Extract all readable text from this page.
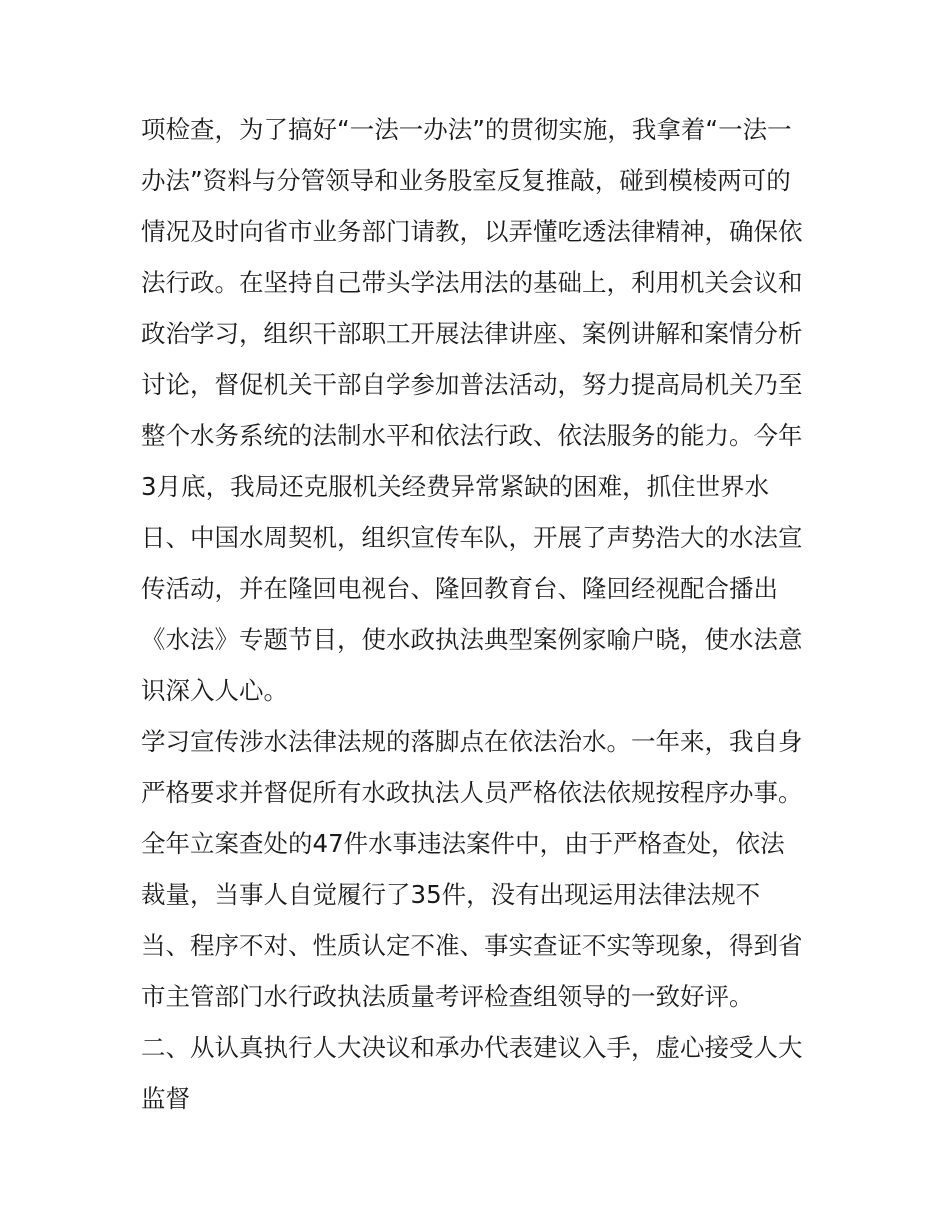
项检查，为了搞好“一法一办法”的贯彻实施，我拿着“一法一

办法”资料与分管领导和业务股室反复推敲，碰到模棱两可的

情况及时向省市业务部门请教，以弄懂吃透法律精神，确保依

法行政。在坚持自己带头学法用法的基础上，利用机关会议和

政治学习，组织干部职工开展法律讲座、案例讲解和案情分析

讨论，督促机关干部自学参加普法活动，努力提高局机关乃至

整个水务系统的法制水平和依法行政、依法服务的能力。今年

3月底，我局还克服机关经费异常紧缺的困难，抓住世界水

日、中国水周契机，组织宣传车队，开展了声势浩大的水法宣

传活动，并在隆回电视台、隆回教育台、隆回经视配合播出

《水法》专题节目，使水政执法典型案例家喻户晓，使水法意

识深入人心。

学习宣传涉水法律法规的落脚点在依法治水。一年来，我自身

严格要求并督促所有水政执法人员严格依法依规按程序办事。

全年立案查处的47件水事违法案件中，由于严格查处，依法

裁量，当事人自觉履行了35件，没有出现运用法律法规不

当、程序不对、性质认定不准、事实查证不实等现象，得到省

市主管部门水行政执法质量考评检查组领导的一致好评。

二、从认真执行人大决议和承办代表建议入手，虚心接受人大

监督
